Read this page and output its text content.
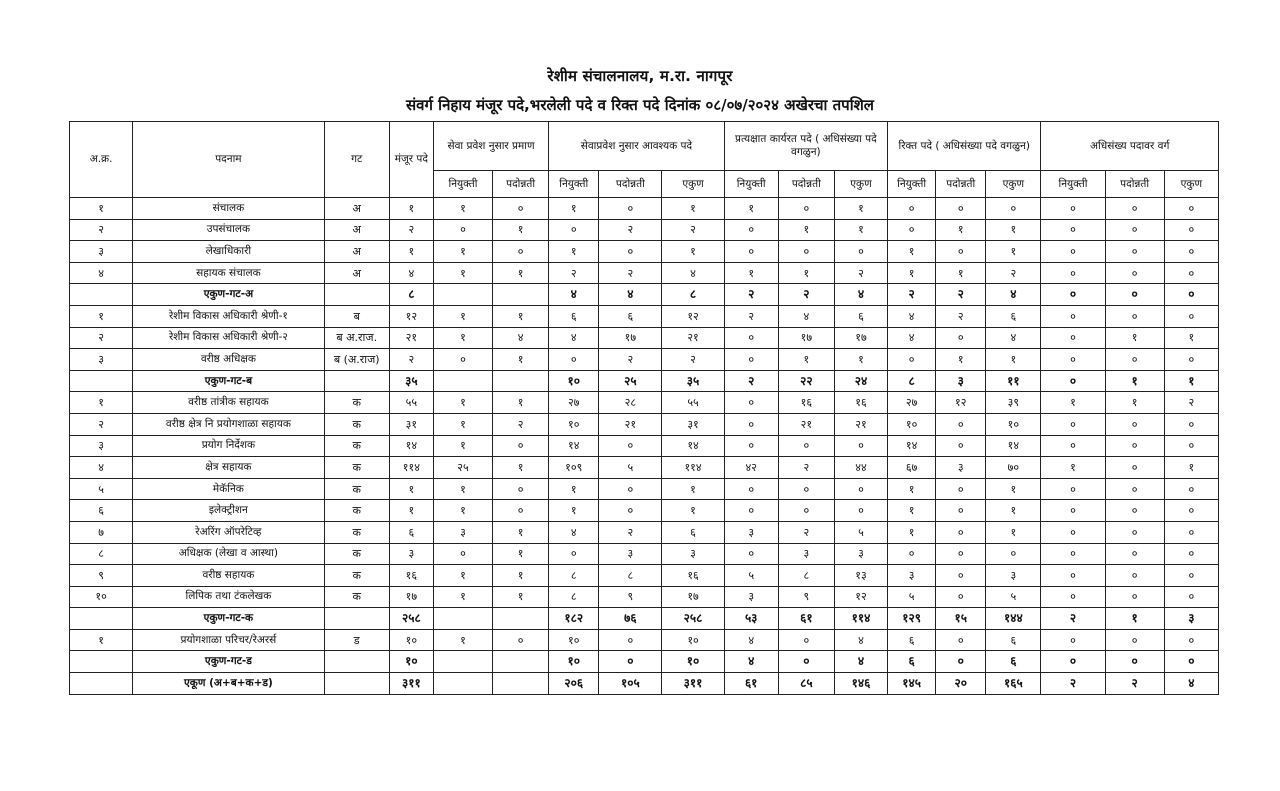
रेशीम संचालनालय, म.रा. नागपूर
संवर्ग निहाय मंजूर पदे,भरलेली पदे व रिक्त पदे दिनांक ०८/०७/२०२४ अखेरचा तपशिल
अ.क्र.	पदनाम	गट	मंजूर पदे	सेवा प्रवेश नुसार प्रमाण		सेवाप्रवेश नुसार आवश्यक पदे			प्रत्यक्षात कार्यरत पदे ( अधिसंख्या पदे वगळुन)			रिक्त पदे ( अधिसंख्या पदे वगळुन)			अधिसंख्य पदावर वर्ग		
				नियुक्ती	पदोन्नती	नियुक्ती	पदोन्नती	एकुण	नियुक्ती	पदोन्नती	एकुण	नियुक्ती	पदोन्नती	एकुण	नियुक्ती	पदोन्नती	एकुण
१	संचालक	अ	१	१	०	१	०	१	१	०	१	०	०	०	०	०	०
२	उपसंचालक	अ	२	०	१	०	२	२	०	१	१	०	१	१	०	०	०
३	लेखाधिकारी	अ	१	१	०	१	०	१	०	०	०	१	०	१	०	०	०
४	सहायक संचालक	अ	४	१	१	२	२	४	१	१	२	१	१	२	०	०	०
	एकुण-गट-अ		८			४	४	८	२	२	४	२	२	४	०	०	०
१	रेशीम विकास अधिकारी श्रेणी-१	ब	१२	१	१	६	६	१२	२	४	६	४	२	६	०	०	०
२	रेशीम विकास अधिकारी श्रेणी-२	ब अ.राज.	२१	१	४	४	१७	२१	०	१७	१७	४	०	४	०	१	१
३	वरीष्ठ अधिक्षक	ब (अ.राज)	२	०	१	०	२	२	०	१	१	०	१	१	०	०	०
	एकुण-गट-ब		३५			१०	२५	३५	२	२२	२४	८	३	११	०	१	१
१	वरीष्ठ तांत्रीक सहायक	क	५५	१	१	२७	२८	५५	०	१६	१६	२७	१२	३९	१	१	२
२	वरीष्ठ क्षेत्र नि प्रयोगशाळा सहायक	क	३१	१	२	१०	२१	३१	०	२१	२१	१०	०	१०	०	०	०
३	प्रयोग निर्देशक	क	१४	१	०	१४	०	१४	०	०	०	१४	०	१४	०	०	०
४	क्षेत्र सहायक	क	११४	२५	१	१०९	५	११४	४२	२	४४	६७	३	७०	१	०	१
५	मेकॅनिक	क	१	१	०	१	०	१	०	०	०	१	०	१	०	०	०
६	इलेक्ट्रीशन	क	१	१	०	१	०	१	०	०	०	१	०	१	०	०	०
७	रेअरिंग ऑपरेटिव्ह	क	६	३	१	४	२	६	३	२	५	१	०	१	०	०	०
८	अधिक्षक (लेखा व आस्था)	क	३	०	१	०	३	३	०	३	३	०	०	०	०	०	०
९	वरीष्ठ सहायक	क	१६	१	१	८	८	१६	५	८	१३	३	०	३	०	०	०
१०	लिपिक तथा टंकलेखक	क	१७	१	१	८	९	१७	३	९	१२	५	०	५	०	०	०
	एकुण-गट-क		२५८			१८२	७६	२५८	५३	६१	११४	१२९	१५	१४४	२	१	३
१	प्रयोगशाळा परिचर/रेअरर्स	ड	१०	१	०	१०	०	१०	४	०	४	६	०	६	०	०	०
	एकुण-गट-ड		१०			१०	०	१०	४	०	४	६	०	६	०	०	०
	एकूण (अ+ब+क+ड)		३११			२०६	१०५	३११	६१	८५	१४६	१४५	२०	१६५	२	२	४
